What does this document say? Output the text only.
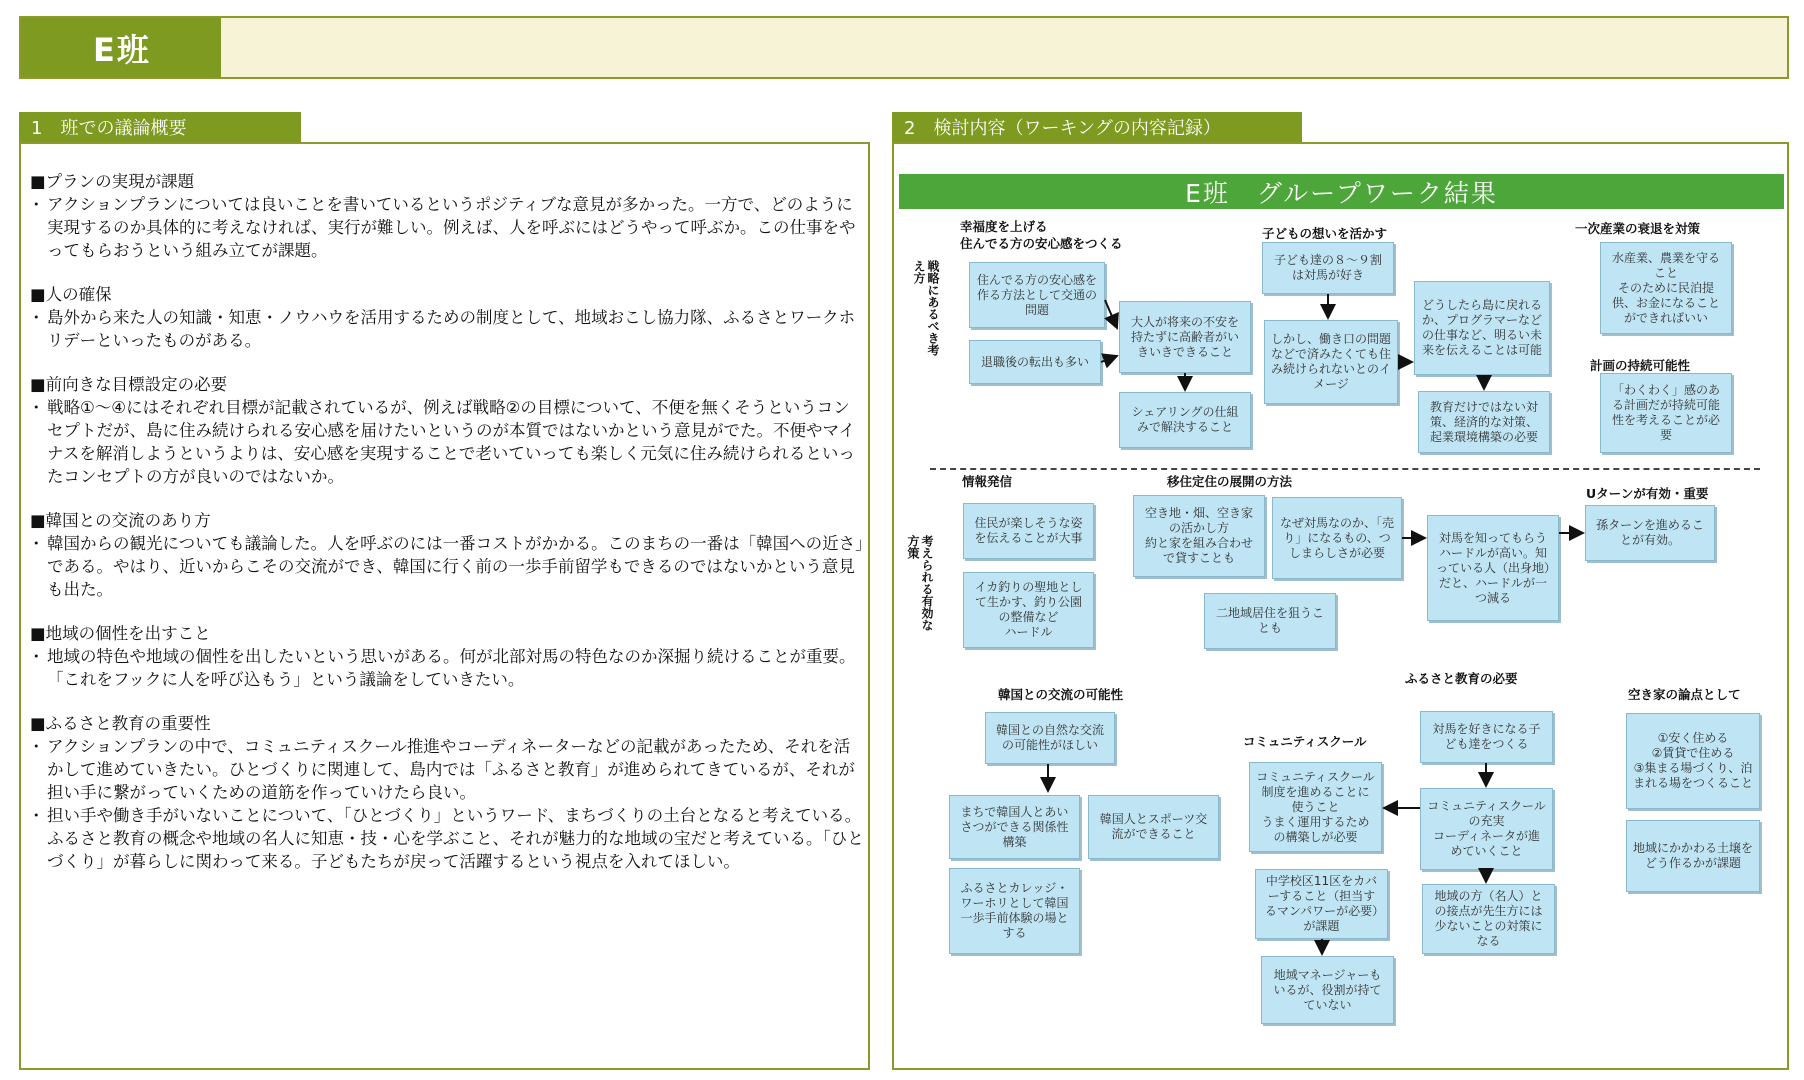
E班
1　班での議論概要
■プランの実現が課題
・ アクションプランについては良いことを書いているというポジティブな意見が多かった。一方で、どのように実現するのか具体的に考えなければ、実行が難しい。例えば、人を呼ぶにはどうやって呼ぶか。この仕事をやってもらおうという組み立てが課題。
■人の確保
・ 島外から来た人の知識・知恵・ノウハウを活用するための制度として、地域おこし協力隊、ふるさとワークホリデーといったものがある。
■前向きな目標設定の必要
・ 戦略①～④にはそれぞれ目標が記載されているが、例えば戦略②の目標について、不便を無くそうというコンセプトだが、島に住み続けられる安心感を届けたいというのが本質ではないかという意見がでた。不便やマイナスを解消しようというよりは、安心感を実現することで老いていっても楽しく元気に住み続けられるといったコンセプトの方が良いのではないか。
■韓国との交流のあり方
・ 韓国からの観光についても議論した。人を呼ぶのには一番コストがかかる。このまちの一番は「韓国への近さ」である。やはり、近いからこその交流ができ、韓国に行く前の一歩手前留学もできるのではないかという意見も出た。
■地域の個性を出すこと
・ 地域の特色や地域の個性を出したいという思いがある。何が北部対馬の特色なのか深掘り続けることが重要。「これをフックに人を呼び込もう」という議論をしていきたい。
■ふるさと教育の重要性
・ アクションプランの中で、コミュニティスクール推進やコーディネーターなどの記載があったため、それを活かして進めていきたい。ひとづくりに関連して、島内では「ふるさと教育」が進められてきているが、それが担い手に繋がっていくための道筋を作っていけたら良い。
・ 担い手や働き手がいないことについて、「ひとづくり」というワード、まちづくりの土台となると考えている。ふるさと教育の概念や地域の名人に知恵・技・心を学ぶこと、それが魅力的な地域の宝だと考えている。「ひとづくり」が暮らしに関わって来る。子どもたちが戻って活躍するという視点を入れてほしい。
2　検討内容（ワーキングの内容記録）
E班　グループワーク結果
戦略にあるべき考え方
考えられる有効な方策
幸福度を上げる
住んでる方の安心感をつくる
子どもの想いを活かす	一次産業の衰退を対策
計画の持続可能性
情報発信	移住定住の展開の方法
Uターンが有効・重要
韓国との交流の可能性
ふるさと教育の必要
コミュニティスクール
空き家の論点として
住んでる方の安心感を作る方法として交通の問題
退職後の転出も多い
大人が将来の不安を持たずに高齢者がいきいきできること
シェアリングの仕組みで解決すること
子ども達の８～９割は対馬が好き
しかし、働き口の問題などで済みたくても住み続けられないとのイメージ
どうしたら島に戻れるか、プログラマーなどの仕事など、明るい未来を伝えることは可能
教育だけではない対策、経済的な対策、起業環境構築の必要
水産業、農業を守ること
そのために民泊提供、お金になることができればいい
「わくわく」感のある計画だが持続可能性を考えることが必要
住民が楽しそうな姿を伝えることが大事
イカ釣りの聖地として生かす、釣り公園の整備など
ハードル
空き地・畑、空き家の活かし方
約と家を組み合わせで貸すことも
なぜ対馬なのか、「売り」になるもの、つしまらしさが必要
二地域居住を狙うことも
対馬を知ってもらうハードルが高い。知っている人（出身地）だと、ハードルが一つ減る
孫ターンを進めることが有効。
韓国との自然な交流の可能性がほしい
まちで韓国人とあいさつができる関係性構築
韓国人とスポーツ交流ができること
ふるさとカレッジ・ワーホリとして韓国一歩手前体験の場とする
コミュニティスクール制度を進めることに使うこと
うまく運用するための構築しが必要
中学校区11区をカバーすること（担当するマンパワーが必要）が課題
地域マネージャーもいるが、役割が持てていない
対馬を好きになる子ども達をつくる
コミュニティスクールの充実
コーディネータが進めていくこと
地域の方（名人）との接点が先生方には少ないことの対策になる
①安く住める
②賃貸で住める
③集まる場づくり、泊まれる場をつくること
地域にかかわる土壌をどう作るかが課題
